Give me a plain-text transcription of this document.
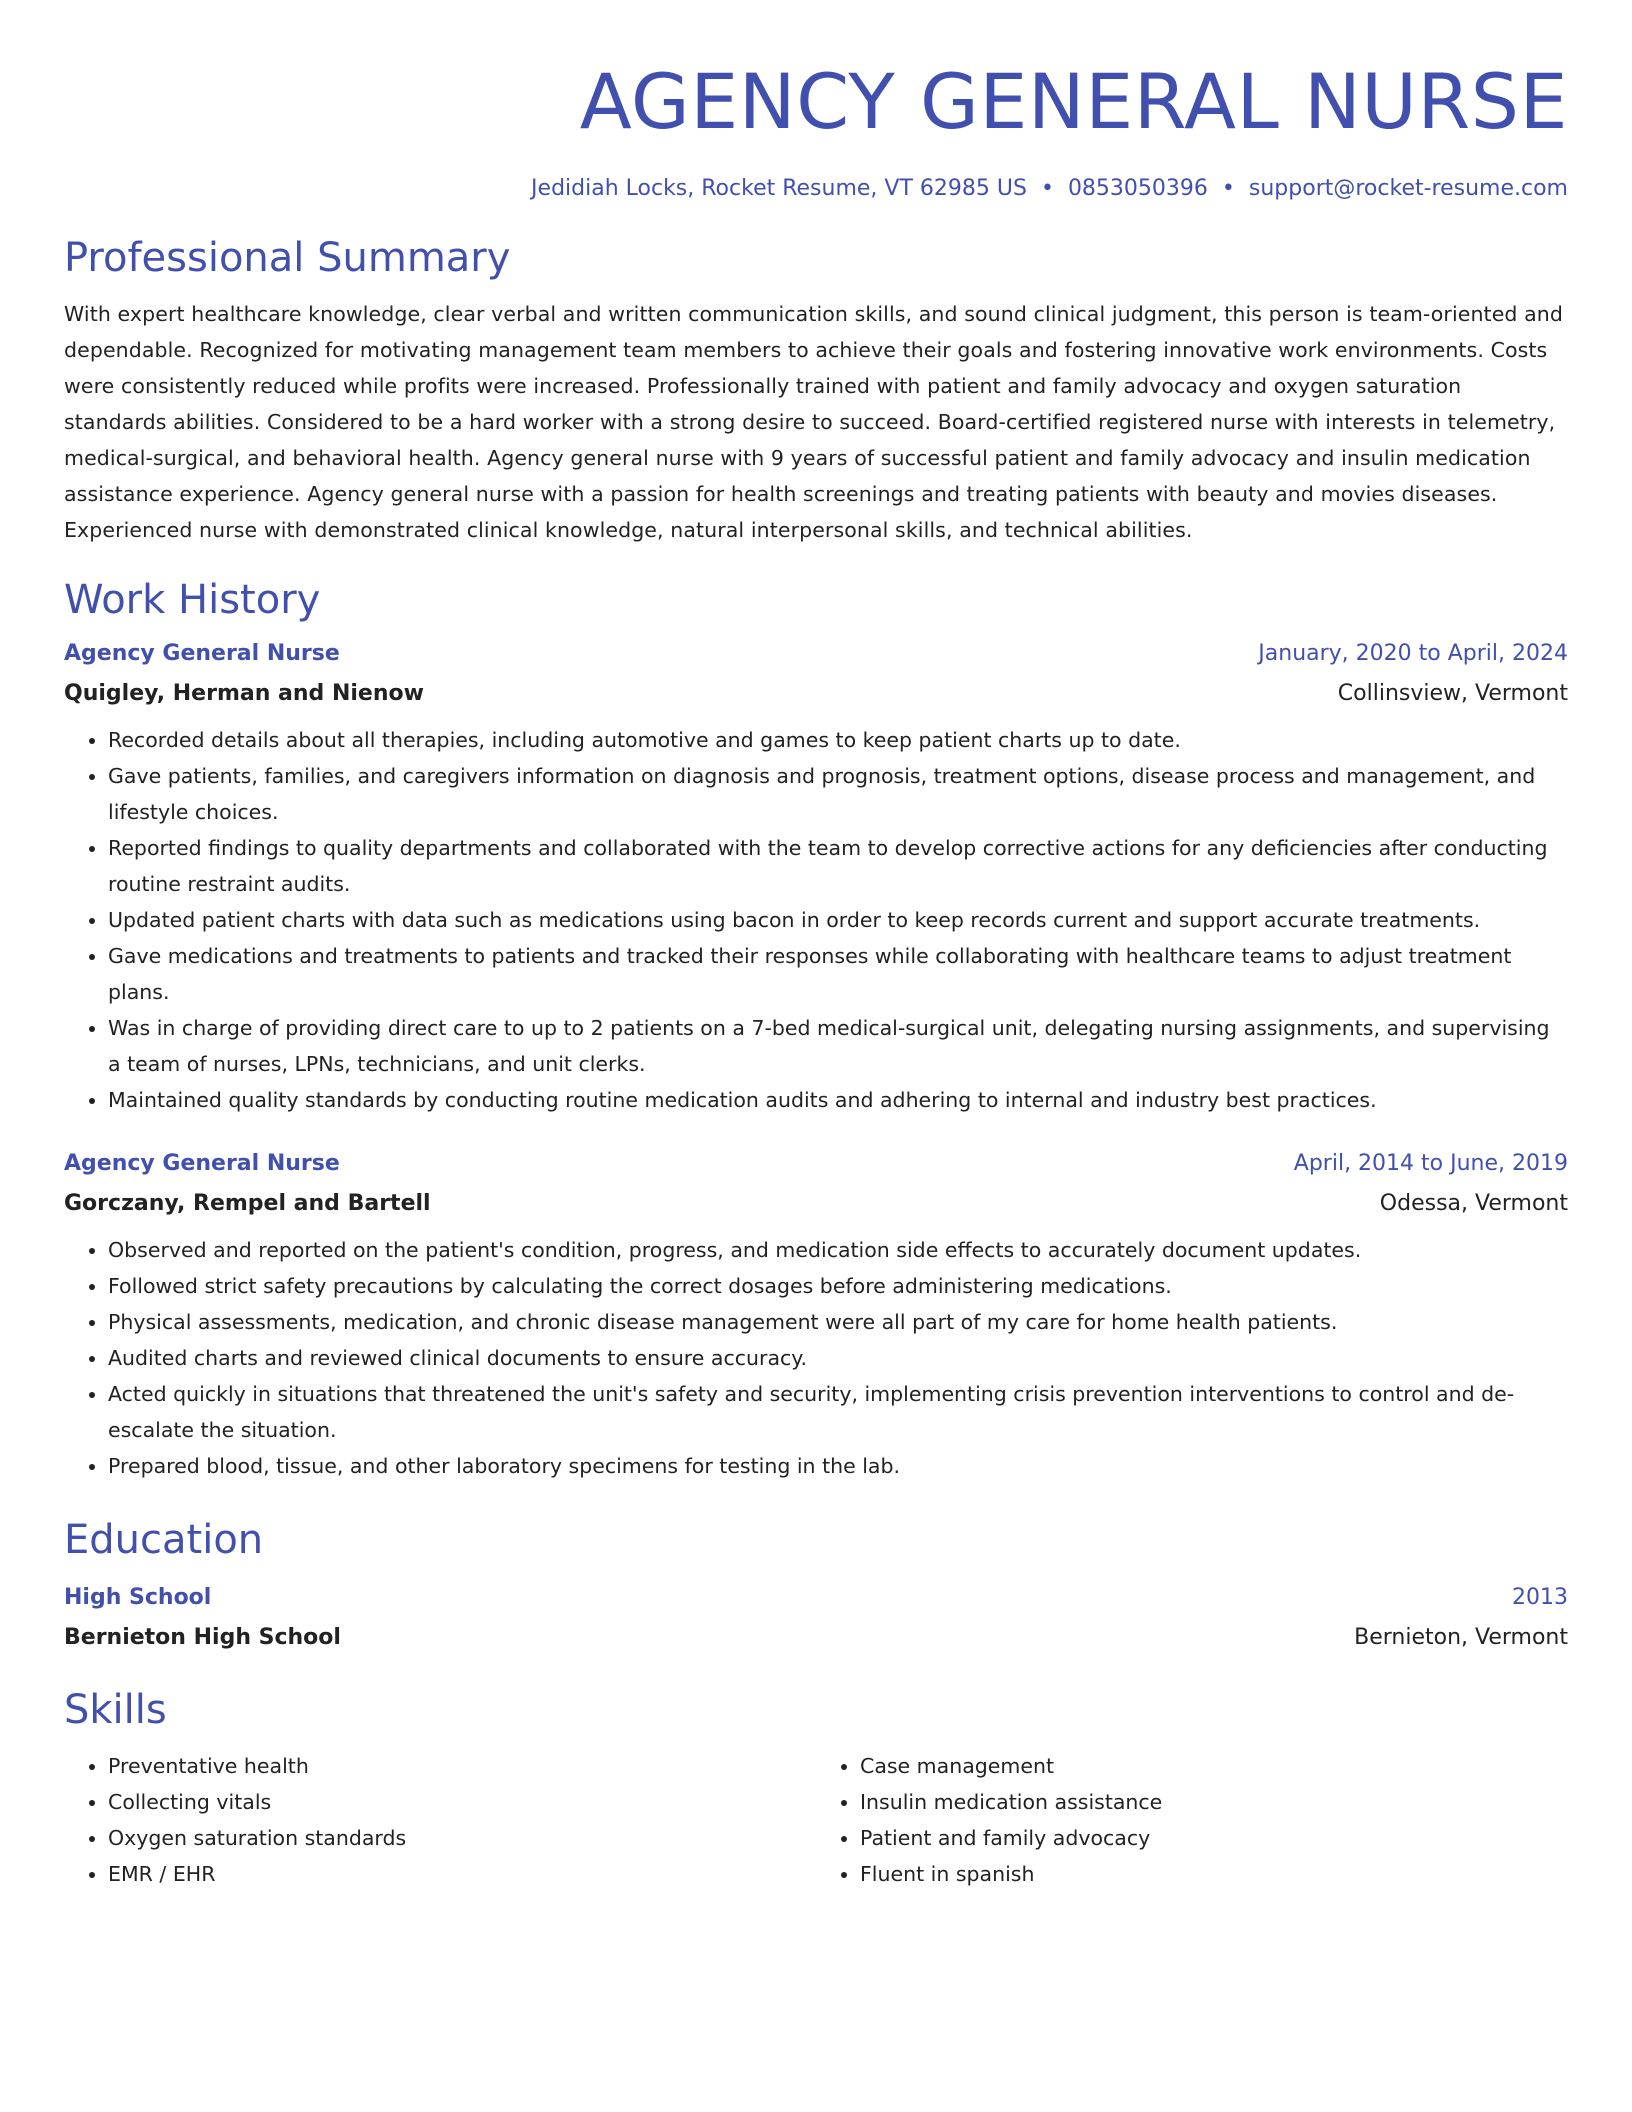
AGENCY GENERAL NURSE
Jedidiah Locks, Rocket Resume, VT 62985 US • 0853050396 • support@rocket-resume.com
Professional Summary
With expert healthcare knowledge, clear verbal and written communication skills, and sound clinical judgment, this person is team-oriented and dependable. Recognized for motivating management team members to achieve their goals and fostering innovative work environments. Costs were consistently reduced while profits were increased. Professionally trained with patient and family advocacy and oxygen saturation standards abilities. Considered to be a hard worker with a strong desire to succeed. Board-certified registered nurse with interests in telemetry, medical-surgical, and behavioral health. Agency general nurse with 9 years of successful patient and family advocacy and insulin medication assistance experience. Agency general nurse with a passion for health screenings and treating patients with beauty and movies diseases. Experienced nurse with demonstrated clinical knowledge, natural interpersonal skills, and technical abilities.
Work History
Agency General Nurse	January, 2020 to April, 2024
Quigley, Herman and Nienow	Collinsview, Vermont
• Recorded details about all therapies, including automotive and games to keep patient charts up to date.
• Gave patients, families, and caregivers information on diagnosis and prognosis, treatment options, disease process and management, and lifestyle choices.
• Reported findings to quality departments and collaborated with the team to develop corrective actions for any deficiencies after conducting routine restraint audits.
• Updated patient charts with data such as medications using bacon in order to keep records current and support accurate treatments.
• Gave medications and treatments to patients and tracked their responses while collaborating with healthcare teams to adjust treatment plans.
• Was in charge of providing direct care to up to 2 patients on a 7-bed medical-surgical unit, delegating nursing assignments, and supervising a team of nurses, LPNs, technicians, and unit clerks.
• Maintained quality standards by conducting routine medication audits and adhering to internal and industry best practices.
Agency General Nurse	April, 2014 to June, 2019
Gorczany, Rempel and Bartell	Odessa, Vermont
• Observed and reported on the patient's condition, progress, and medication side effects to accurately document updates.
• Followed strict safety precautions by calculating the correct dosages before administering medications.
• Physical assessments, medication, and chronic disease management were all part of my care for home health patients.
• Audited charts and reviewed clinical documents to ensure accuracy.
• Acted quickly in situations that threatened the unit's safety and security, implementing crisis prevention interventions to control and de-escalate the situation.
• Prepared blood, tissue, and other laboratory specimens for testing in the lab.
Education
High School	2013
Bernieton High School	Bernieton, Vermont
Skills
• Preventative health
• Collecting vitals
• Oxygen saturation standards
• EMR / EHR
• Case management
• Insulin medication assistance
• Patient and family advocacy
• Fluent in spanish
